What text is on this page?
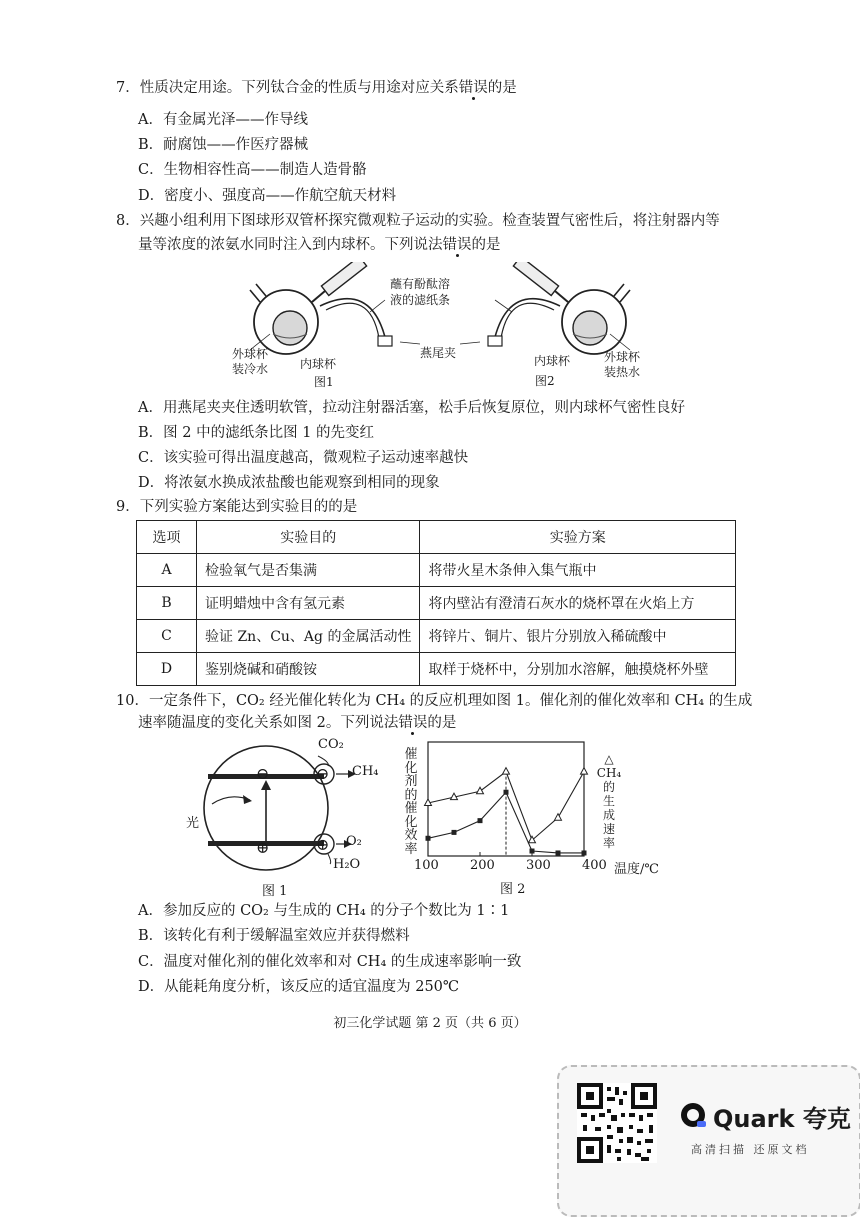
7．性质决定用途。下列钛合金的性质与用途对应关系错误的是
A．有金属光泽——作导线
B．耐腐蚀——作医疗器械
C．生物相容性高——制造人造骨骼
D．密度小、强度高——作航空航天材料
8．兴趣小组利用下图球形双管杯探究微观粒子运动的实验。检查装置气密性后，将注射器内等
量等浓度的浓氨水同时注入到内球杯。下列说法错误的是
蘸有酚酞溶
液的滤纸条
燕尾夹
外球杯
装冷水	内球杯
图1
内球杯	外球杯
装热水
图2
A．用燕尾夹夹住透明软管，拉动注射器活塞，松手后恢复原位，则内球杯气密性良好
B．图 2 中的滤纸条比图 1 的先变红
C．该实验可得出温度越高，微观粒子运动速率越快
D．将浓氨水换成浓盐酸也能观察到相同的现象
9．下列实验方案能达到实验目的的是
选项	实验目的	实验方案
A	检验氧气是否集满	将带火星木条伸入集气瓶中
B	证明蜡烛中含有氢元素	将内壁沾有澄清石灰水的烧杯罩在火焰上方
C	验证 Zn、Cu、Ag 的金属活动性	将锌片、铜片、银片分别放入稀硫酸中
D	鉴别烧碱和硝酸铵	取样于烧杯中，分别加水溶解，触摸烧杯外壁
10．一定条件下，CO₂ 经光催化转化为 CH₄ 的反应机理如图 1。催化剂的催化效率和 CH₄ 的生成
速率随温度的变化关系如图 2。下列说法错误的是
CO₂
CH₄
光
⊖	⊖
⊕	⊕ O₂
H₂O
图 1
催
化
剂
的
催
化
效
率
△
CH₄
的
生
成
速
率
100 200 300 400 温度/℃
图 2
A．参加反应的 CO₂ 与生成的 CH₄ 的分子个数比为 1∶1
B．该转化有利于缓解温室效应并获得燃料
C．温度对催化剂的催化效率和对 CH₄ 的生成速率影响一致
D．从能耗角度分析，该反应的适宜温度为 250℃
初三化学试题 第 2 页（共 6 页）
Quark 夸克
高清扫描 还原文档
